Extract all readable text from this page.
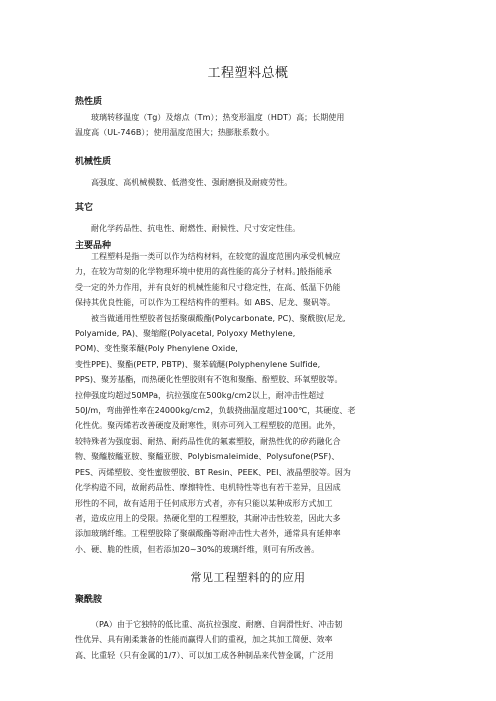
工程塑料总概
热性质
玻璃转移温度（Tg）及熔点（Tm）；热变形温度（HDT）高；长期使用
温度高（UL-746B）；使用温度范围大；热膨胀系数小。
机械性质
高强度、高机械模数、低潜变性、强耐磨损及耐疲劳性。
其它
耐化学药品性、抗电性、耐燃性、耐候性、尺寸安定性佳。
主要品种
工程塑料是指一类可以作为结构材料，在较宽的温度范围内承受机械应
力，在较为苛刻的化学物理环境中使用的高性能的高分子材料。]般指能承
受一定的外力作用，并有良好的机械性能和尺寸稳定性，在高、低温下仍能
保持其优良性能，可以作为工程结构件的塑料。如 ABS、尼龙、聚矾等。
被当做通用性塑胶者包括聚碳酸酯(Polycarbonate, PC)、聚酰胺(尼龙,
Polyamide, PA)、聚缩醛(Polyacetal, Polyoxy Methylene,
POM)、变性聚苯醚(Poly Phenylene Oxide,
变性PPE)、聚酯(PETP, PBTP)、聚苯硫醚(Polyphenylene Sulfide,
PPS)、聚芳基酯，而热硬化性塑胶则有不饱和聚酯、酚塑胶、环氧塑胶等。
拉伸强度均超过50MPa，抗拉强度在500kg/cm2以上，耐冲击性超过
50J/m，弯曲弹性率在24000kg/cm2，负载挠曲温度超过100℃，其硬度、老
化性优。聚丙烯若改善硬度及耐寒性，则亦可列入工程塑胶的范围。此外，
较特殊者为强度弱、耐热、耐药品性优的氟素塑胶，耐热性优的矽药融化合
物、聚醯胺醯亚胺、聚醯亚胺、Polybismaleimide、Polysufone(PSF)、
PES、丙烯塑胶、变性蜜胺塑胶、BT Resin、PEEK、PEI、液晶塑胶等。因为
化学构造不同，故耐药品性、摩擦特性、电机特性等也有若干差异，且因成
形性的不同，故有适用于任何成形方式者，亦有只能以某种成形方式加工
者，造成应用上的受限。热硬化型的工程塑胶，其耐冲击性较差，因此大多
添加玻璃纤维。工程塑胶除了聚碳酸酯等耐冲击性大者外，通常具有延伸率
小、硬、脆的性质，但若添加20~30%的玻璃纤维，则可有所改善。
常见工程塑料的的应用
聚酰胺
（PA）由于它独特的低比重、高抗拉强度、耐磨、自润滑性好、冲击韧
性优异、具有刚柔兼备的性能而赢得人们的重视，加之其加工简便、效率
高、比重轻（只有金属的1/7）、可以加工成各种制品来代替金属，广泛用
